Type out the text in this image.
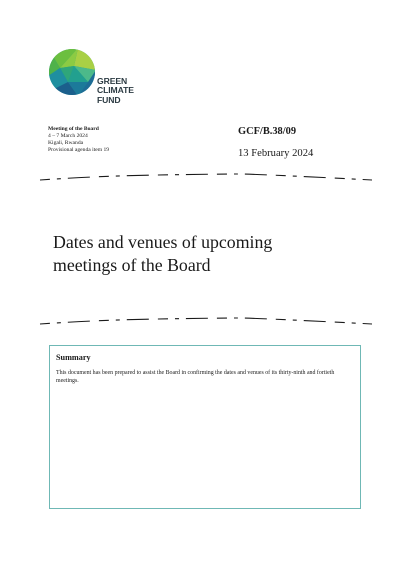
GREEN
CLIMATE
FUND
Meeting of the Board
4 – 7 March 2024
Kigali, Rwanda
Provisional agenda item 19
GCF/B.38/09
13 February 2024
Dates and venues of upcoming
meetings of the Board
Summary
This document has been prepared to assist the Board in confirming the dates and venues of its thirty-ninth and fortieth meetings.
